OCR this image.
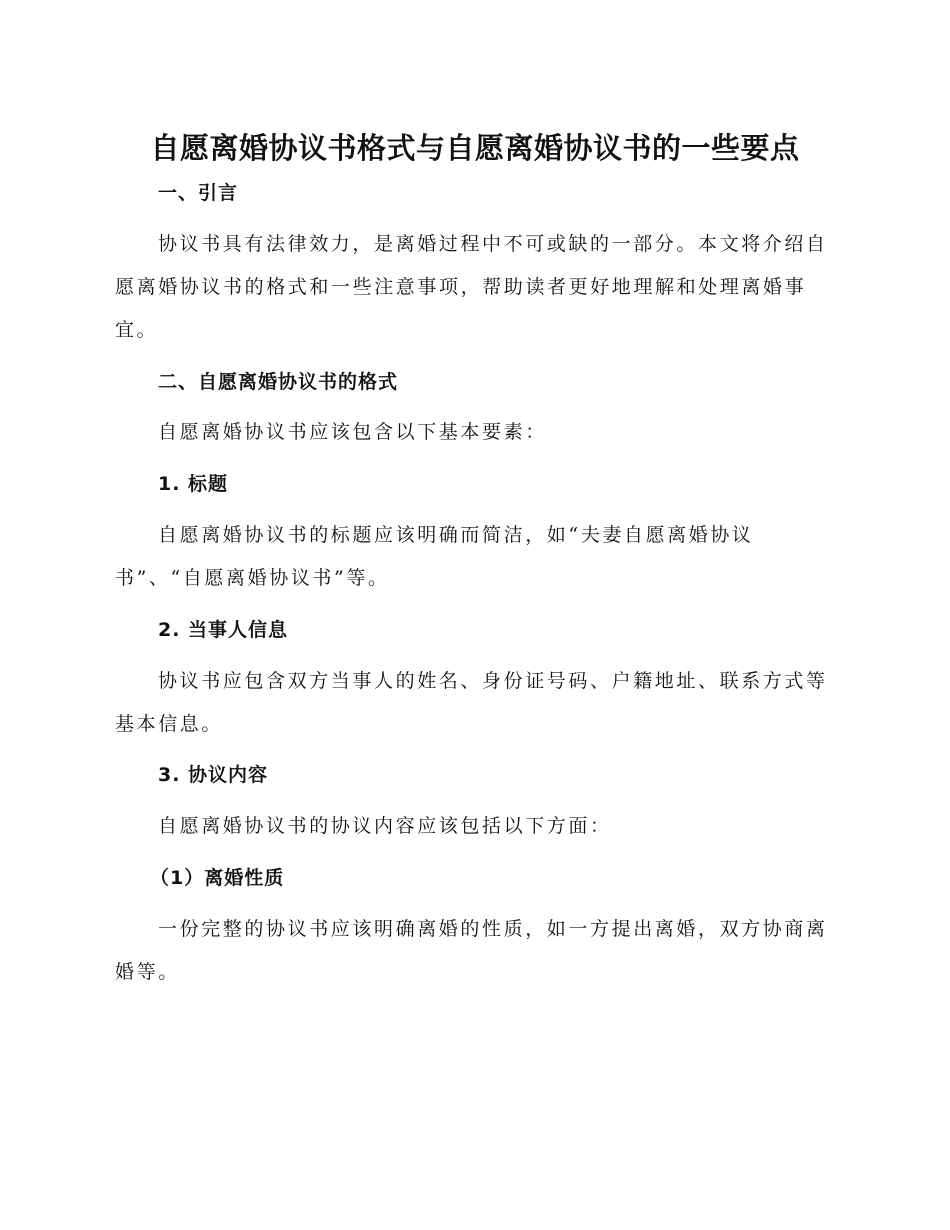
自愿离婚协议书格式与自愿离婚协议书的一些要点
一、引言
协议书具有法律效力，是离婚过程中不可或缺的一部分。本文将介绍自愿离婚协议书的格式和一些注意事项，帮助读者更好地理解和处理离婚事宜。
二、自愿离婚协议书的格式
自愿离婚协议书应该包含以下基本要素：
1. 标题
自愿离婚协议书的标题应该明确而简洁，如“夫妻自愿离婚协议书”、“自愿离婚协议书”等。
2. 当事人信息
协议书应包含双方当事人的姓名、身份证号码、户籍地址、联系方式等基本信息。
3. 协议内容
自愿离婚协议书的协议内容应该包括以下方面：
（1）离婚性质
一份完整的协议书应该明确离婚的性质，如一方提出离婚，双方协商离婚等。
